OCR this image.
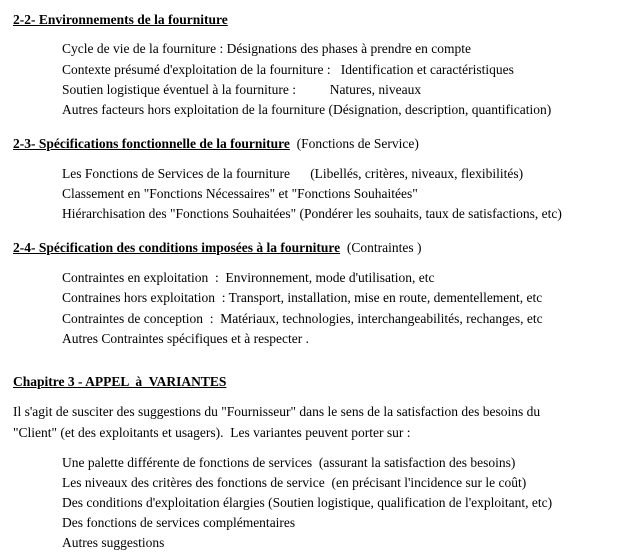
2-2- Environnements de la fourniture
Cycle de vie de la fourniture : Désignations des phases à prendre en compte
Contexte présumé d'exploitation de la fourniture :   Identification et caractéristiques
Soutien logistique éventuel à la fourniture :          Natures, niveaux
Autres facteurs hors exploitation de la fourniture (Désignation, description, quantification)
2-3- Spécifications fonctionnelle de la fourniture (Fonctions de Service)
Les Fonctions de Services de la fourniture      (Libellés, critères, niveaux, flexibilités)
Classement en "Fonctions Nécessaires" et "Fonctions Souhaitées"
Hiérarchisation des "Fonctions Souhaitées" (Pondérer les souhaits, taux de satisfactions, etc)
2-4- Spécification des conditions imposées à la fourniture (Contraintes )
Contraintes en exploitation  :  Environnement, mode d'utilisation, etc
Contraines hors exploitation  : Transport, installation, mise en route, dementellement, etc
Contraintes de conception  :  Matériaux, technologies, interchangeabilités, rechanges, etc
Autres Contraintes spécifiques et à respecter .
Chapitre 3 - APPEL  à  VARIANTES
Il s'agit de susciter des suggestions du "Fournisseur" dans le sens de la satisfaction des besoins du
"Client" (et des exploitants et usagers).  Les variantes peuvent porter sur :
Une palette différente de fonctions de services  (assurant la satisfaction des besoins)
Les niveaux des critères des fonctions de service  (en précisant l'incidence sur le coût)
Des conditions d'exploitation élargies (Soutien logistique, qualification de l'exploitant, etc)
Des fonctions de services complémentaires
Autres suggestions
